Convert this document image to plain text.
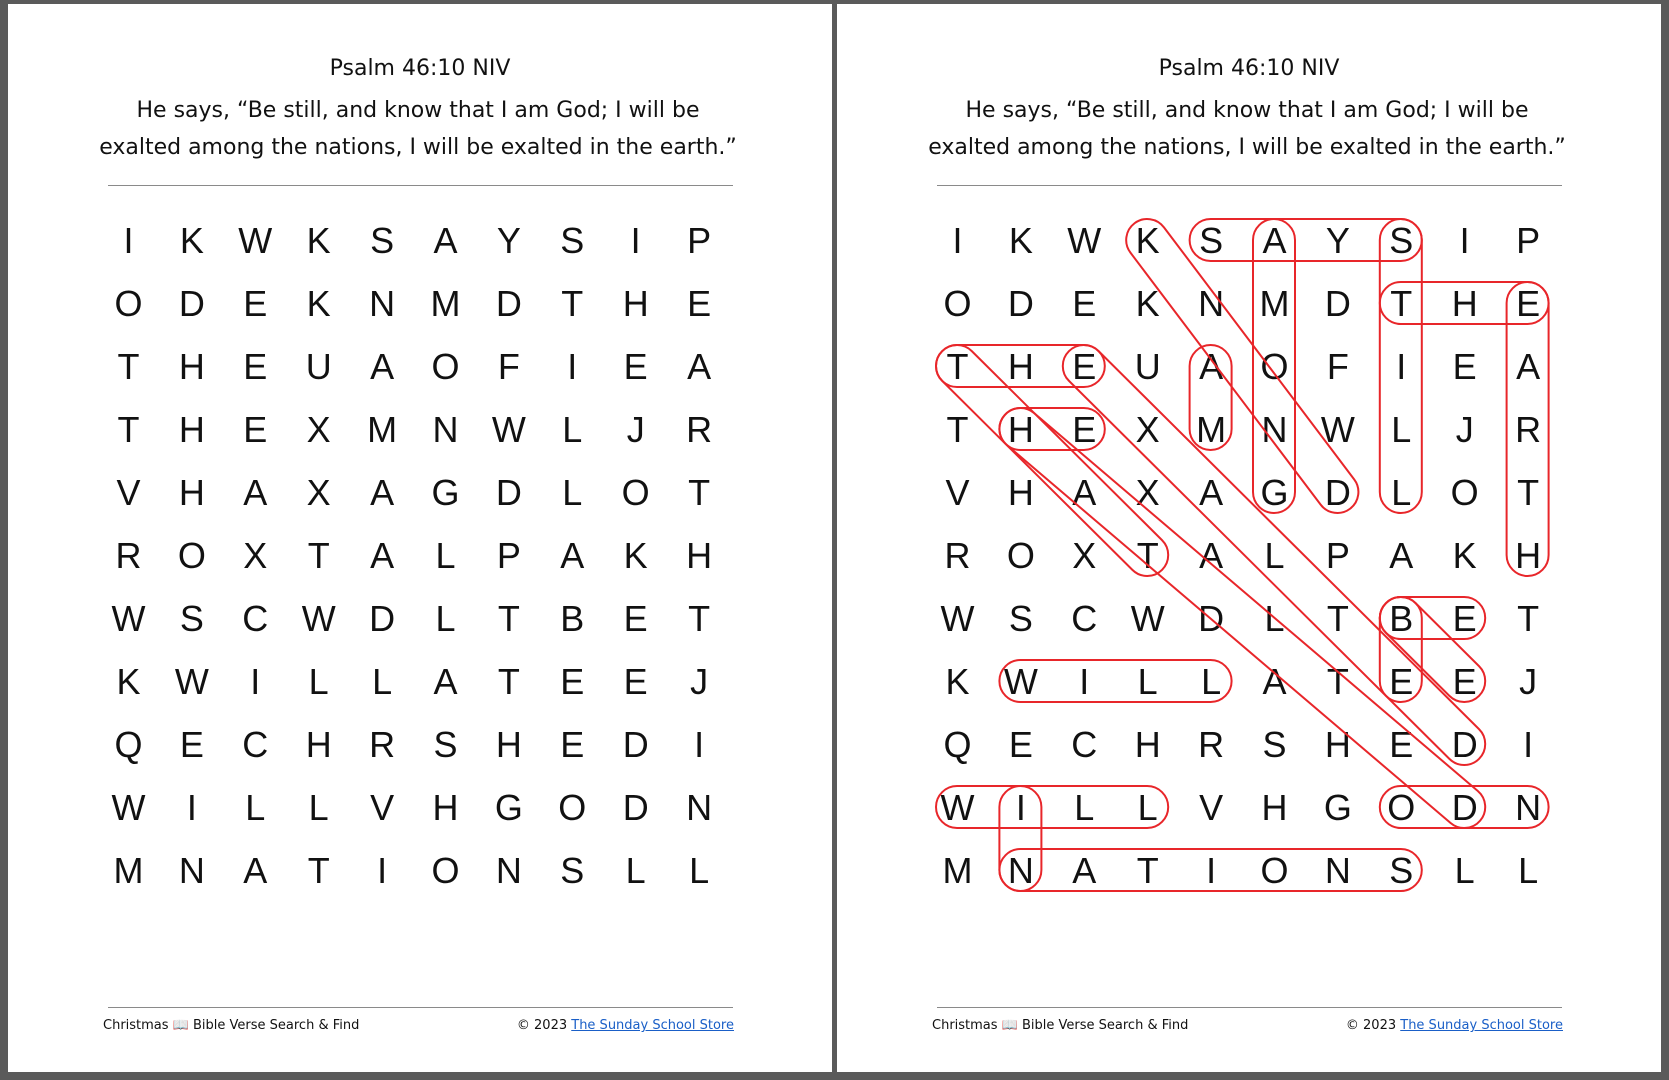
Psalm 46:10 NIV
He says, “Be still, and know that I am God; I will be exalted among the nations, I will be exalted in the earth.”
I	K W K	S	A	Y	S	I	P
O	D	E	K	N M D	T	H	E
T	H	E	U	A	O	F	I	E	A
T	H	E	X	M N W	L	J	R
V	H	A	X	A	G	D	L	O	T
R	O	X	T	A	L	P	A	K	H
W S	C W D	L	T	B	E	T
K W	I	L	L	A	T	E	E	J
Q	E	C	H	R	S	H	E	D	I
W	I	L	L	V	H	G O	D	N
M N	A	T	I	O	N	S	L	L
Christmas 📖 Bible Verse Search & Find	© 2023 The Sunday School Store
Psalm 46:10 NIV
He says, “Be still, and know that I am God; I will be exalted among the nations, I will be exalted in the earth.”
I	K W K	S	A	Y	S	I	P
O	D	E	K	N M D	T	H	E
T	H	E	U	A	O	F	I	E	A
T	H	E	X	M N W	L	J	R
V	H	A	X	A	G	D	L	O	T
R	O	X	T	A	L	P	A	K	H
W S	C W D	L	T	B	E	T
K W	I	L	L	A	T	E	E	J
Q	E	C	H	R	S	H	E	D	I
W	I	L	L	V	H	G O	D	N
M N	A	T	I	O	N	S	L	L
Christmas 📖 Bible Verse Search & Find	© 2023 The Sunday School Store
